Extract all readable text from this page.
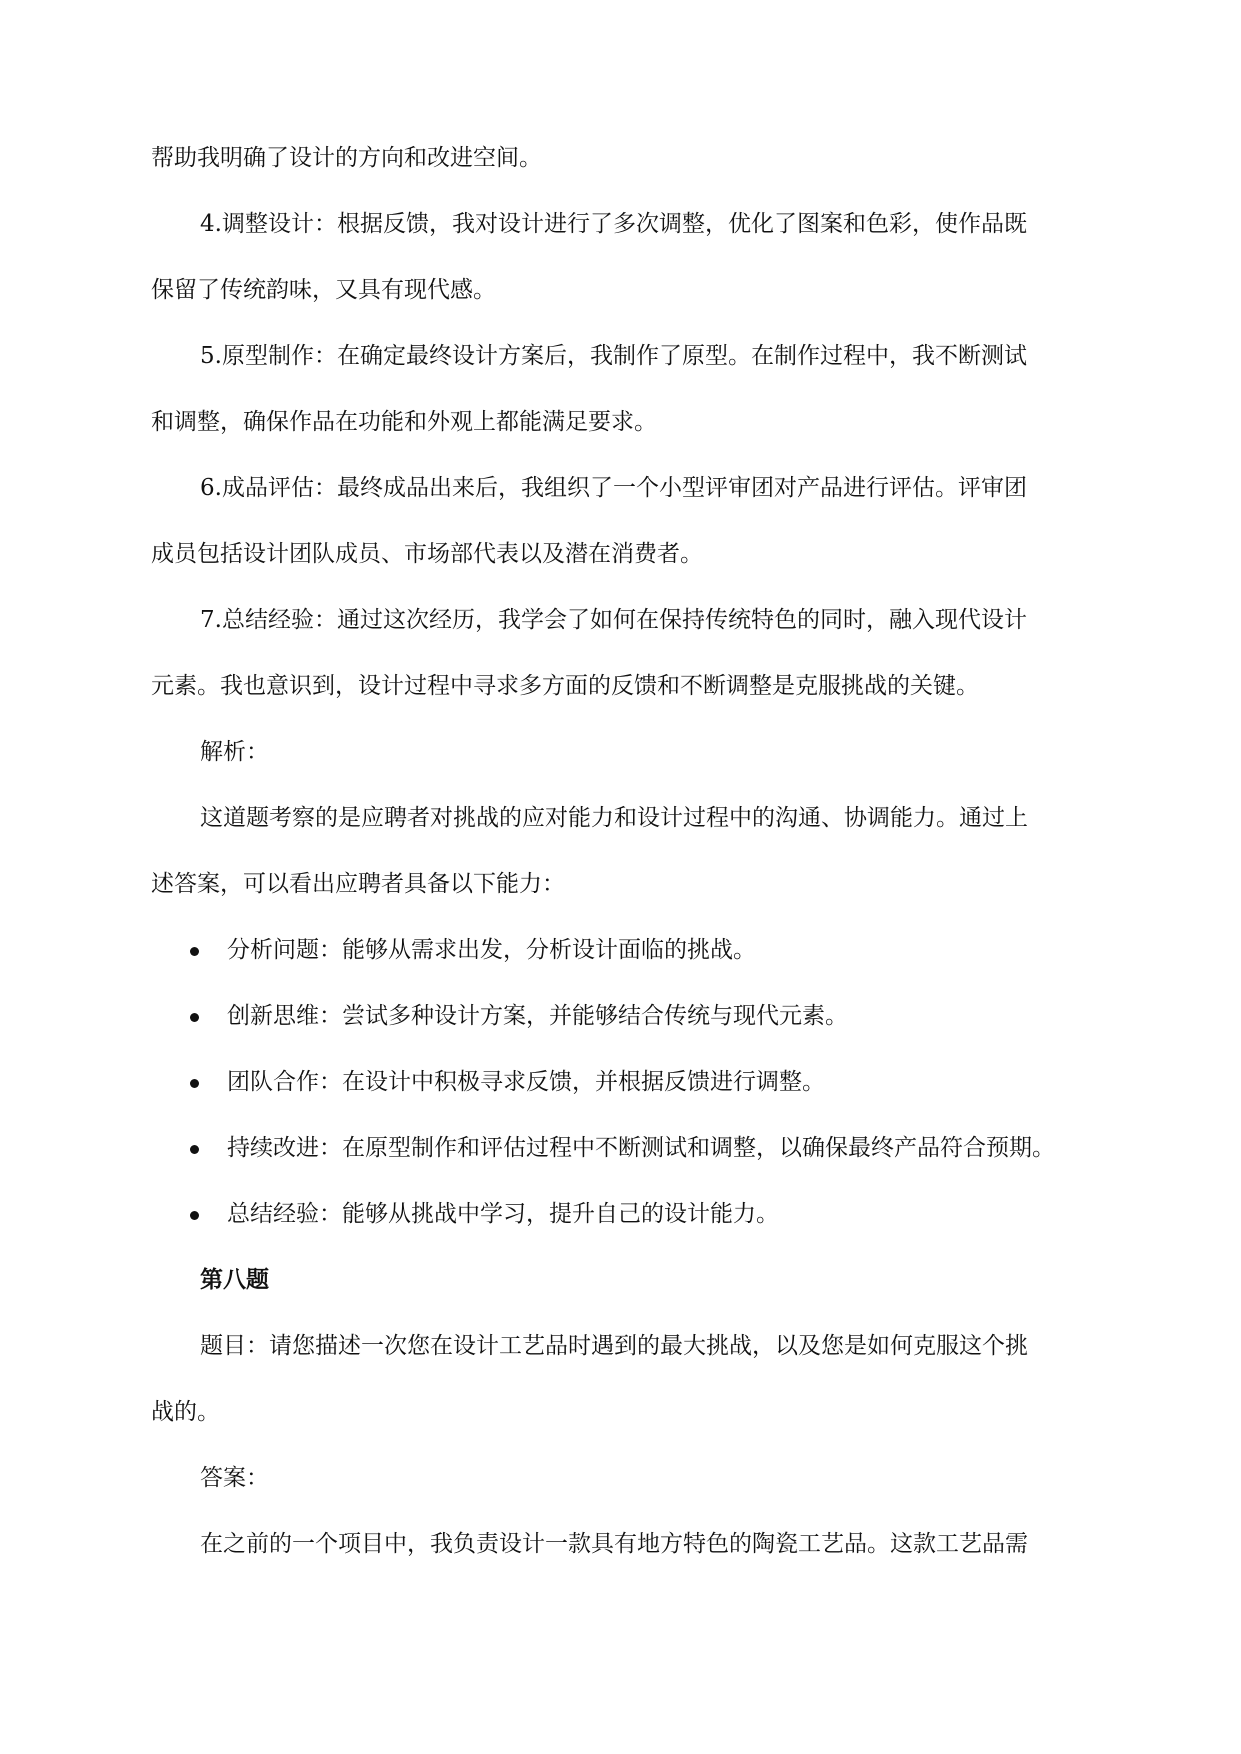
帮助我明确了设计的方向和改进空间。
4.调整设计：根据反馈，我对设计进行了多次调整，优化了图案和色彩，使作品既
保留了传统韵味，又具有现代感。
5.原型制作：在确定最终设计方案后，我制作了原型。在制作过程中，我不断测试
和调整，确保作品在功能和外观上都能满足要求。
6.成品评估：最终成品出来后，我组织了一个小型评审团对产品进行评估。评审团
成员包括设计团队成员、市场部代表以及潜在消费者。
7.总结经验：通过这次经历，我学会了如何在保持传统特色的同时，融入现代设计
元素。我也意识到，设计过程中寻求多方面的反馈和不断调整是克服挑战的关键。
解析：
这道题考察的是应聘者对挑战的应对能力和设计过程中的沟通、协调能力。通过上
述答案，可以看出应聘者具备以下能力：
分析问题：能够从需求出发，分析设计面临的挑战。
创新思维：尝试多种设计方案，并能够结合传统与现代元素。
团队合作：在设计中积极寻求反馈，并根据反馈进行调整。
持续改进：在原型制作和评估过程中不断测试和调整，以确保最终产品符合预期。
总结经验：能够从挑战中学习，提升自己的设计能力。
第八题
题目：请您描述一次您在设计工艺品时遇到的最大挑战，以及您是如何克服这个挑
战的。
答案：
在之前的一个项目中，我负责设计一款具有地方特色的陶瓷工艺品。这款工艺品需
